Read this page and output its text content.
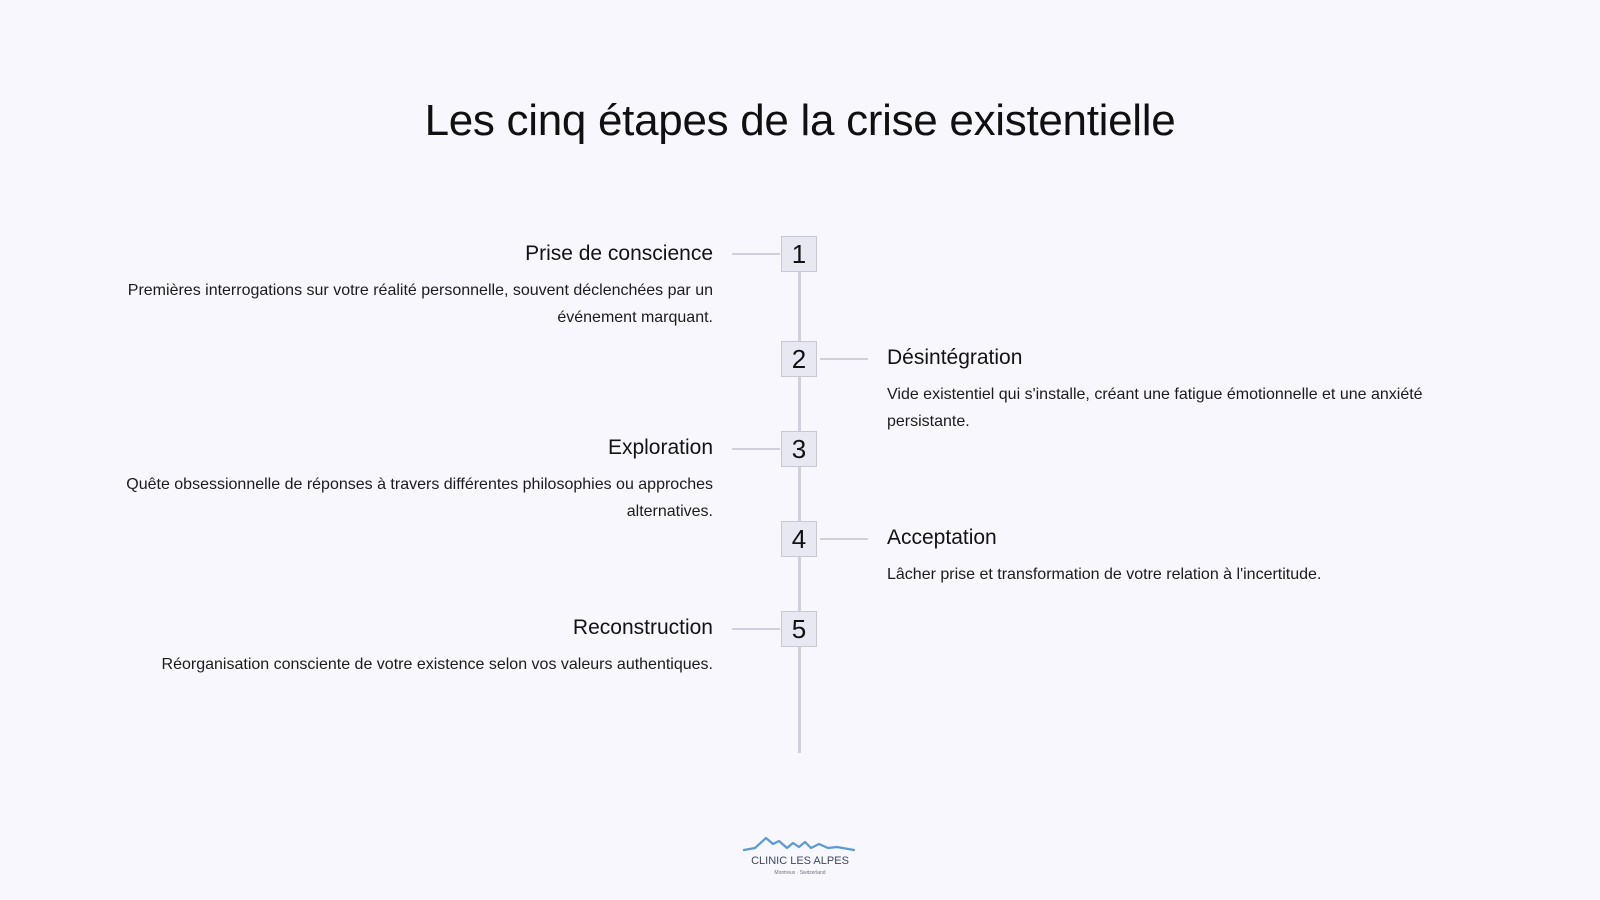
Les cinq étapes de la crise existentielle
1

Prise de conscience

Premières interrogations sur votre réalité personnelle, souvent déclenchées par un événement marquant.

2	Désintégration

Vide existentiel qui s'installe, créant une fatigue émotionnelle et une anxiété persistante.

3

Exploration

Quête obsessionnelle de réponses à travers différentes philosophies ou approches alternatives.

4	Acceptation

Lâcher prise et transformation de votre relation à l'incertitude.

5

Reconstruction

Réorganisation consciente de votre existence selon vos valeurs authentiques.

CLINIC LES ALPES
Montreux · Switzerland
